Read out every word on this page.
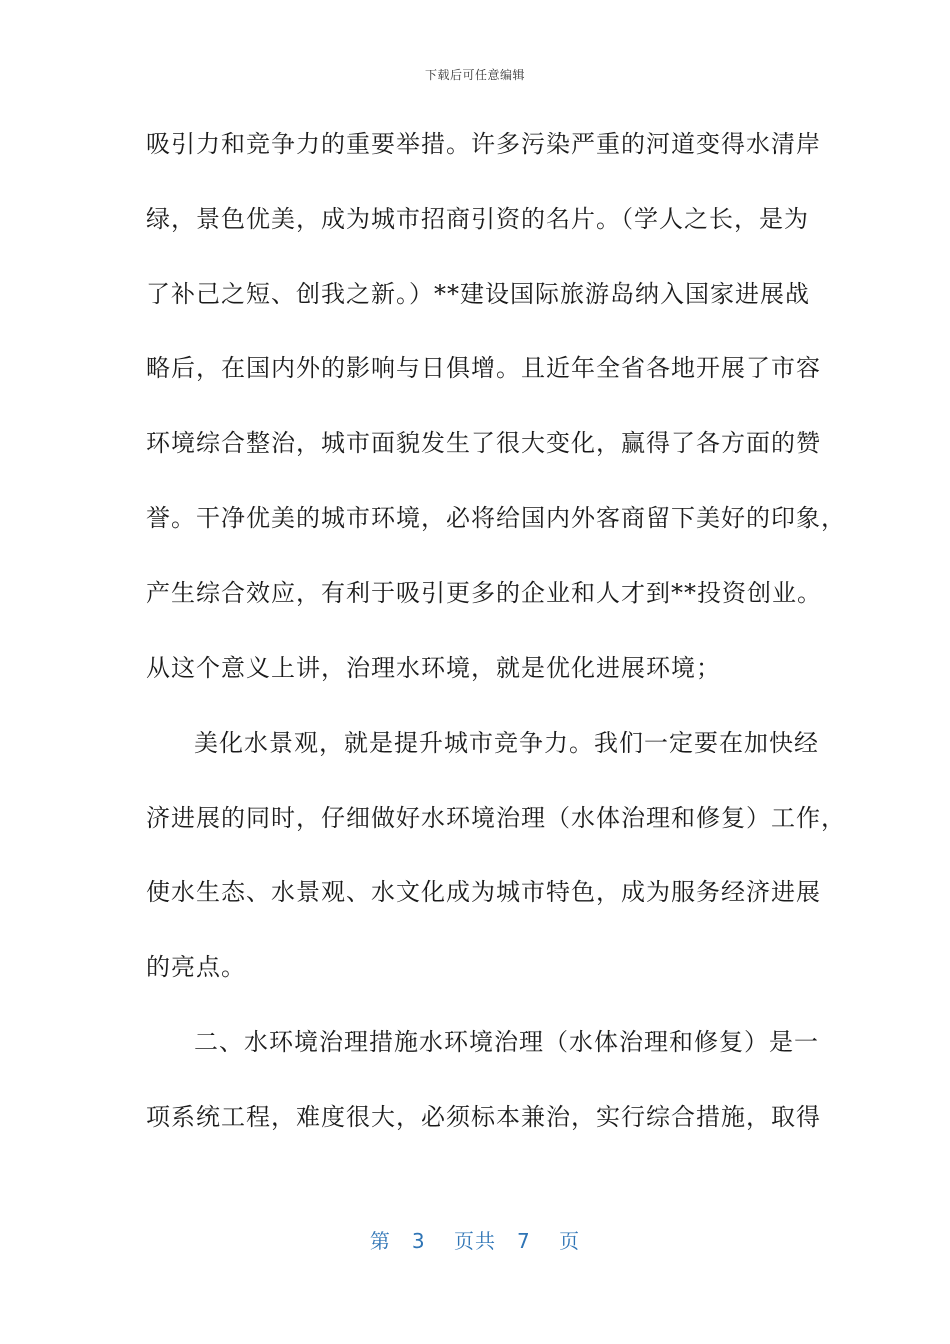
下载后可任意编辑
吸引力和竞争力的重要举措。许多污染严重的河道变得水清岸
绿，景色优美，成为城市招商引资的名片。（学人之长，是为
了补己之短、创我之新。）**建设国际旅游岛纳入国家进展战
略后，在国内外的影响与日俱增。且近年全省各地开展了市容
环境综合整治，城市面貌发生了很大变化，赢得了各方面的赞
誉。干净优美的城市环境，必将给国内外客商留下美好的印象，
产生综合效应，有利于吸引更多的企业和人才到**投资创业。
从这个意义上讲，治理水环境，就是优化进展环境；
美化水景观，就是提升城市竞争力。我们一定要在加快经
济进展的同时，仔细做好水环境治理（水体治理和修复）工作，
使水生态、水景观、水文化成为城市特色，成为服务经济进展
的亮点。
二、水环境治理措施水环境治理（水体治理和修复）是一
项系统工程，难度很大，必须标本兼治，实行综合措施，取得
第　3　 页共　7　 页
